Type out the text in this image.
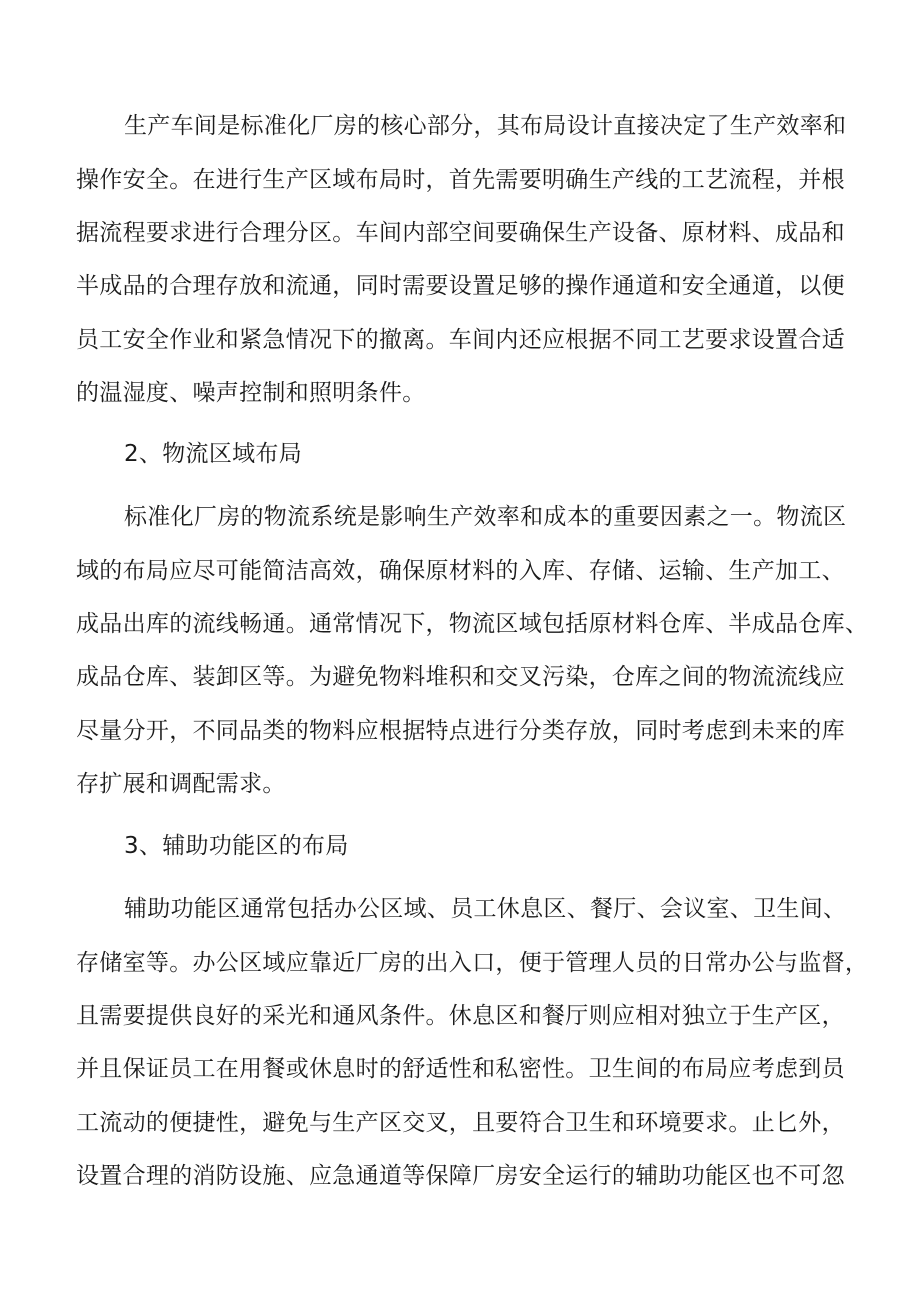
生产车间是标准化厂房的核心部分，其布局设计直接决定了生产效率和
操作安全。在进行生产区域布局时，首先需要明确生产线的工艺流程，并根
据流程要求进行合理分区。车间内部空间要确保生产设备、原材料、成品和
半成品的合理存放和流通，同时需要设置足够的操作通道和安全通道，以便
员工安全作业和紧急情况下的撤离。车间内还应根据不同工艺要求设置合适
的温湿度、噪声控制和照明条件。
2、物流区域布局
标准化厂房的物流系统是影响生产效率和成本的重要因素之一。物流区
域的布局应尽可能简洁高效，确保原材料的入库、存储、运输、生产加工、
成品出库的流线畅通。通常情况下，物流区域包括原材料仓库、半成品仓库、
成品仓库、装卸区等。为避免物料堆积和交叉污染，仓库之间的物流流线应
尽量分开，不同品类的物料应根据特点进行分类存放，同时考虑到未来的库
存扩展和调配需求。
3、辅助功能区的布局
辅助功能区通常包括办公区域、员工休息区、餐厅、会议室、卫生间、
存储室等。办公区域应靠近厂房的出入口，便于管理人员的日常办公与监督，
且需要提供良好的采光和通风条件。休息区和餐厅则应相对独立于生产区，
并且保证员工在用餐或休息时的舒适性和私密性。卫生间的布局应考虑到员
工流动的便捷性，避免与生产区交叉，且要符合卫生和环境要求。止匕外，
设置合理的消防设施、应急通道等保障厂房安全运行的辅助功能区也不可忽
